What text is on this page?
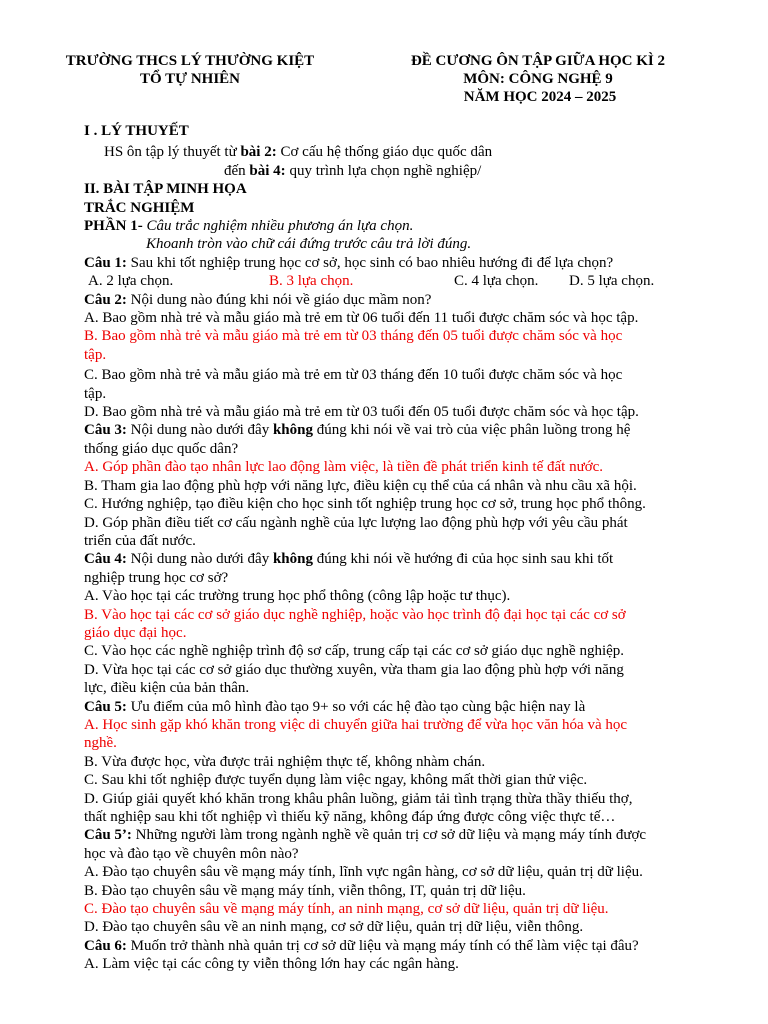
TRƯỜNG THCS LÝ THƯỜNG KIỆT
TỔ TỰ NHIÊN
ĐỀ CƯƠNG ÔN TẬP GIỮA HỌC KÌ 2
MÔN: CÔNG NGHỆ 9
NĂM HỌC 2024 – 2025
I . LÝ THUYẾT
HS ôn tập lý thuyết từ bài 2: Cơ cấu hệ thống giáo dục quốc dân
đến bài 4: quy trình lựa chọn nghề nghiệp/
II. BÀI TẬP MINH HỌA
TRẮC NGHIỆM
PHẦN 1- Câu trắc nghiệm nhiều phương án lựa chọn.
Khoanh tròn vào chữ cái đứng trước câu trả lời đúng.
Câu 1: Sau khi tốt nghiệp trung học cơ sở, học sinh có bao nhiêu hướng đi để lựa chọn?
A. 2 lựa chọn.	B. 3 lựa chọn.	C. 4 lựa chọn. D. 5 lựa chọn.
Câu 2: Nội dung nào đúng khi nói về giáo dục mầm non?
A. Bao gồm nhà trẻ và mẫu giáo mà trẻ em từ 06 tuổi đến 11 tuổi được chăm sóc và học tập.
B. Bao gồm nhà trẻ và mẫu giáo mà trẻ em từ 03 tháng đến 05 tuổi được chăm sóc và học
tập.
C. Bao gồm nhà trẻ và mẫu giáo mà trẻ em từ 03 tháng đến 10 tuổi được chăm sóc và học
tập.
D. Bao gồm nhà trẻ và mẫu giáo mà trẻ em từ 03 tuổi đến 05 tuổi được chăm sóc và học tập.
Câu 3: Nội dung nào dưới đây không đúng khi nói về vai trò của việc phân luồng trong hệ
thống giáo dục quốc dân?
A. Góp phần đào tạo nhân lực lao động làm việc, là tiền đề phát triển kinh tế đất nước.
B. Tham gia lao động phù hợp với năng lực, điều kiện cụ thể của cá nhân và nhu cầu xã hội.
C. Hướng nghiệp, tạo điều kiện cho học sinh tốt nghiệp trung học cơ sở, trung học phổ thông.
D. Góp phần điều tiết cơ cấu ngành nghề của lực lượng lao động phù hợp với yêu cầu phát
triển của đất nước.
Câu 4: Nội dung nào dưới đây không đúng khi nói về hướng đi của học sinh sau khi tốt
nghiệp trung học cơ sở?
A. Vào học tại các trường trung học phổ thông (công lập hoặc tư thục).
B. Vào học tại các cơ sở giáo dục nghề nghiệp, hoặc vào học trình độ đại học tại các cơ sở
giáo dục đại học.
C. Vào học các nghề nghiệp trình độ sơ cấp, trung cấp tại các cơ sở giáo dục nghề nghiệp.
D. Vừa học tại các cơ sở giáo dục thường xuyên, vừa tham gia lao động phù hợp với năng
lực, điều kiện của bản thân.
Câu 5: Ưu điểm của mô hình đào tạo 9+ so với các hệ đào tạo cùng bậc hiện nay là
A. Học sinh gặp khó khăn trong việc di chuyển giữa hai trường để vừa học văn hóa và học
nghề.
B. Vừa được học, vừa được trải nghiệm thực tế, không nhàm chán.
C. Sau khi tốt nghiệp được tuyển dụng làm việc ngay, không mất thời gian thử việc.
D. Giúp giải quyết khó khăn trong khâu phân luồng, giảm tải tình trạng thừa thầy thiếu thợ,
thất nghiệp sau khi tốt nghiệp vì thiếu kỹ năng, không đáp ứng được công việc thực tế…
Câu 5’: Những người làm trong ngành nghề về quản trị cơ sở dữ liệu và mạng máy tính được
học và đào tạo về chuyên môn nào?
A. Đào tạo chuyên sâu về mạng máy tính, lĩnh vực ngân hàng, cơ sở dữ liệu, quản trị dữ liệu.
B. Đào tạo chuyên sâu về mạng máy tính, viễn thông, IT, quản trị dữ liệu.
C. Đào tạo chuyên sâu về mạng máy tính, an ninh mạng, cơ sở dữ liệu, quản trị dữ liệu.
D. Đào tạo chuyên sâu về an ninh mạng, cơ sở dữ liệu, quản trị dữ liệu, viễn thông.
Câu 6: Muốn trở thành nhà quản trị cơ sở dữ liệu và mạng máy tính có thể làm việc tại đâu?
A. Làm việc tại các công ty viễn thông lớn hay các ngân hàng.
